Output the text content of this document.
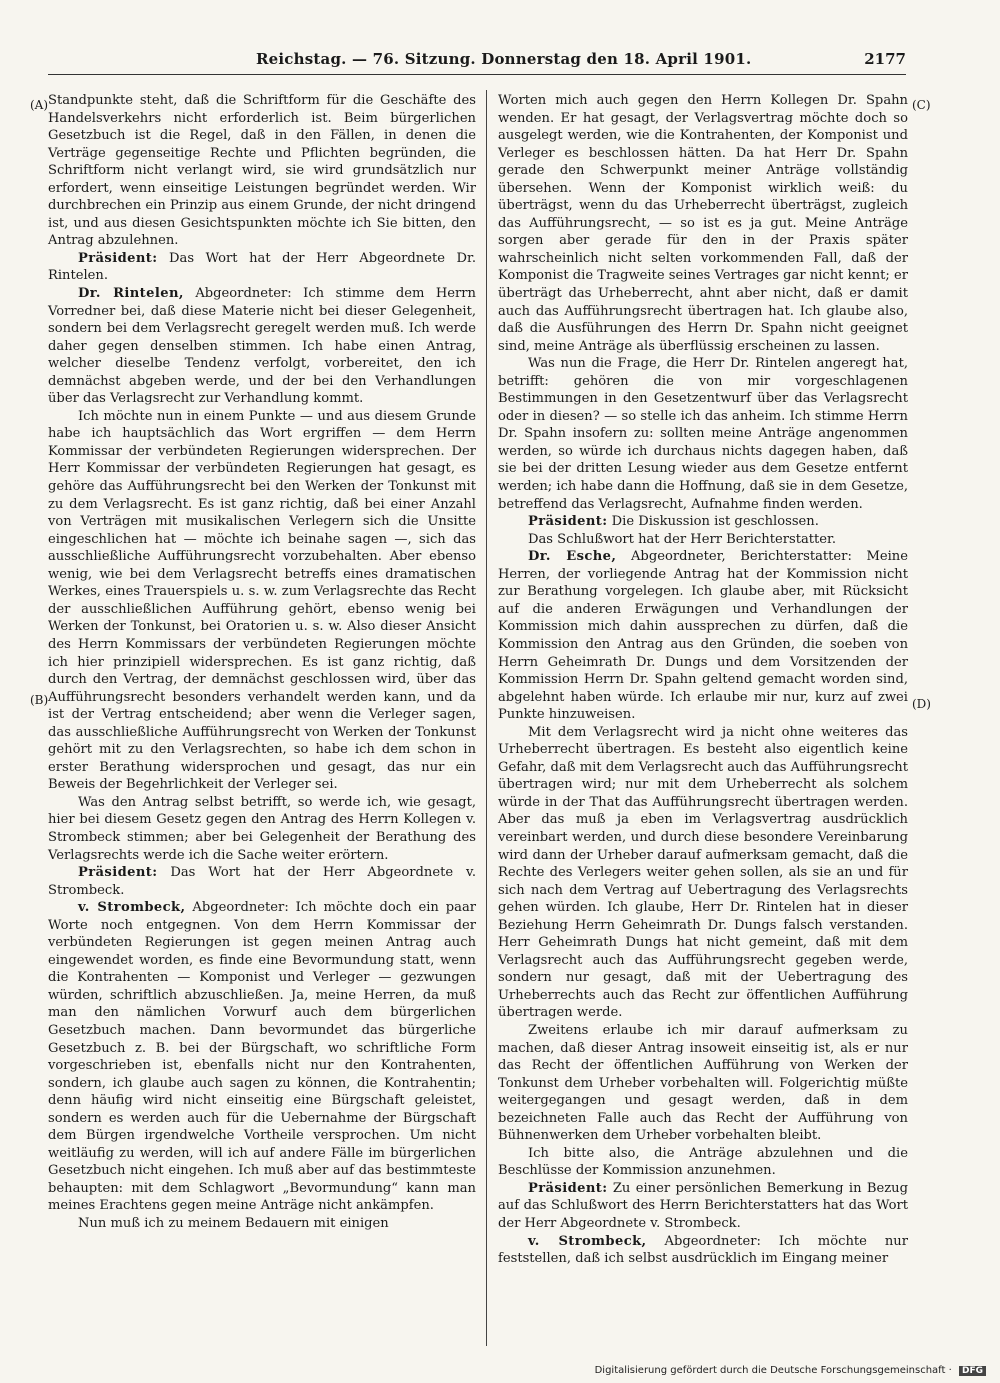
Reichstag. — 76. Sitzung. Donnerstag den 18. April 1901.	2177
(A)
(B)
(C)
(D)

Standpunkte steht, daß die Schriftform für die Geschäfte des Handelsverkehrs nicht erforderlich ist. Beim bürgerlichen Gesetzbuch ist die Regel, daß in den Fällen, in denen die Verträge gegenseitige Rechte und Pflichten begründen, die Schriftform nicht verlangt wird, sie wird grundsätzlich nur erfordert, wenn einseitige Leistungen begründet werden. Wir durchbrechen ein Prinzip aus einem Grunde, der nicht dringend ist, und aus diesen Gesichtspunkten möchte ich Sie bitten, den Antrag abzulehnen.

Präsident: Das Wort hat der Herr Abgeordnete Dr. Rintelen.

Dr. Rintelen, Abgeordneter: Ich stimme dem Herrn Vorredner bei, daß diese Materie nicht bei dieser Gelegenheit, sondern bei dem Verlagsrecht geregelt werden muß. Ich werde daher gegen denselben stimmen. Ich habe einen Antrag, welcher dieselbe Tendenz verfolgt, vorbereitet, den ich demnächst abgeben werde, und der bei den Verhandlungen über das Verlagsrecht zur Verhandlung kommt.

Ich möchte nun in einem Punkte — und aus diesem Grunde habe ich hauptsächlich das Wort ergriffen — dem Herrn Kommissar der verbündeten Regierungen widersprechen. Der Herr Kommissar der verbündeten Regierungen hat gesagt, es gehöre das Aufführungsrecht bei den Werken der Tonkunst mit zu dem Verlagsrecht. Es ist ganz richtig, daß bei einer Anzahl von Verträgen mit musikalischen Verlegern sich die Unsitte eingeschlichen hat — möchte ich beinahe sagen —, sich das ausschließliche Aufführungsrecht vorzubehalten. Aber ebenso wenig, wie bei dem Verlagsrecht betreffs eines dramatischen Werkes, eines Trauerspiels u. s. w. zum Verlagsrechte das Recht der ausschließlichen Aufführung gehört, ebenso wenig bei Werken der Tonkunst, bei Oratorien u. s. w. Also dieser Ansicht des Herrn Kommissars der verbündeten Regierungen möchte ich hier prinzipiell widersprechen. Es ist ganz richtig, daß durch den Vertrag, der demnächst geschlossen wird, über das Aufführungsrecht besonders verhandelt werden kann, und da ist der Vertrag entscheidend; aber wenn die Verleger sagen, das ausschließliche Aufführungsrecht von Werken der Tonkunst gehört mit zu den Verlagsrechten, so habe ich dem schon in erster Berathung widersprochen und gesagt, das nur ein Beweis der Begehrlichkeit der Verleger sei.

Was den Antrag selbst betrifft, so werde ich, wie gesagt, hier bei diesem Gesetz gegen den Antrag des Herrn Kollegen v. Strombeck stimmen; aber bei Gelegenheit der Berathung des Verlagsrechts werde ich die Sache weiter erörtern.

Präsident: Das Wort hat der Herr Abgeordnete v. Strombeck.

v. Strombeck, Abgeordneter: Ich möchte doch ein paar Worte noch entgegnen. Von dem Herrn Kommissar der verbündeten Regierungen ist gegen meinen Antrag auch eingewendet worden, es finde eine Bevormundung statt, wenn die Kontrahenten — Komponist und Verleger — gezwungen würden, schriftlich abzuschließen. Ja, meine Herren, da muß man den nämlichen Vorwurf auch dem bürgerlichen Gesetzbuch machen. Dann bevormundet das bürgerliche Gesetzbuch z. B. bei der Bürgschaft, wo schriftliche Form vorgeschrieben ist, ebenfalls nicht nur den Kontrahenten, sondern, ich glaube auch sagen zu können, die Kontrahentin; denn häufig wird nicht einseitig eine Bürgschaft geleistet, sondern es werden auch für die Uebernahme der Bürgschaft dem Bürgen irgendwelche Vortheile versprochen. Um nicht weitläufig zu werden, will ich auf andere Fälle im bürgerlichen Gesetzbuch nicht eingehen. Ich muß aber auf das bestimmteste behaupten: mit dem Schlagwort „Bevormundung“ kann man meines Erachtens gegen meine Anträge nicht ankämpfen.

Nun muß ich zu meinem Bedauern mit einigen

Worten mich auch gegen den Herrn Kollegen Dr. Spahn wenden. Er hat gesagt, der Verlagsvertrag möchte doch so ausgelegt werden, wie die Kontrahenten, der Komponist und Verleger es beschlossen hätten. Da hat Herr Dr. Spahn gerade den Schwerpunkt meiner Anträge vollständig übersehen. Wenn der Komponist wirklich weiß: du überträgst, wenn du das Urheberrecht überträgst, zugleich das Aufführungsrecht, — so ist es ja gut. Meine Anträge sorgen aber gerade für den in der Praxis später wahrscheinlich nicht selten vorkommenden Fall, daß der Komponist die Tragweite seines Vertrages gar nicht kennt; er überträgt das Urheberrecht, ahnt aber nicht, daß er damit auch das Aufführungsrecht übertragen hat. Ich glaube also, daß die Ausführungen des Herrn Dr. Spahn nicht geeignet sind, meine Anträge als überflüssig erscheinen zu lassen.

Was nun die Frage, die Herr Dr. Rintelen angeregt hat, betrifft: gehören die von mir vorgeschlagenen Bestimmungen in den Gesetzentwurf über das Verlagsrecht oder in diesen? — so stelle ich das anheim. Ich stimme Herrn Dr. Spahn insofern zu: sollten meine Anträge angenommen werden, so würde ich durchaus nichts dagegen haben, daß sie bei der dritten Lesung wieder aus dem Gesetze entfernt werden; ich habe dann die Hoffnung, daß sie in dem Gesetze, betreffend das Verlagsrecht, Aufnahme finden werden.

Präsident: Die Diskussion ist geschlossen.

Das Schlußwort hat der Herr Berichterstatter.

Dr. Esche, Abgeordneter, Berichterstatter: Meine Herren, der vorliegende Antrag hat der Kommission nicht zur Berathung vorgelegen. Ich glaube aber, mit Rücksicht auf die anderen Erwägungen und Verhandlungen der Kommission mich dahin aussprechen zu dürfen, daß die Kommission den Antrag aus den Gründen, die soeben von Herrn Geheimrath Dr. Dungs und dem Vorsitzenden der Kommission Herrn Dr. Spahn geltend gemacht worden sind, abgelehnt haben würde. Ich erlaube mir nur, kurz auf zwei Punkte hinzuweisen.

Mit dem Verlagsrecht wird ja nicht ohne weiteres das Urheberrecht übertragen. Es besteht also eigentlich keine Gefahr, daß mit dem Verlagsrecht auch das Aufführungsrecht übertragen wird; nur mit dem Urheberrecht als solchem würde in der That das Aufführungsrecht übertragen werden. Aber das muß ja eben im Verlagsvertrag ausdrücklich vereinbart werden, und durch diese besondere Vereinbarung wird dann der Urheber darauf aufmerksam gemacht, daß die Rechte des Verlegers weiter gehen sollen, als sie an und für sich nach dem Vertrag auf Uebertragung des Verlagsrechts gehen würden. Ich glaube, Herr Dr. Rintelen hat in dieser Beziehung Herrn Geheimrath Dr. Dungs falsch verstanden. Herr Geheimrath Dungs hat nicht gemeint, daß mit dem Verlagsrecht auch das Aufführungsrecht gegeben werde, sondern nur gesagt, daß mit der Uebertragung des Urheberrechts auch das Recht zur öffentlichen Aufführung übertragen werde.

Zweitens erlaube ich mir darauf aufmerksam zu machen, daß dieser Antrag insoweit einseitig ist, als er nur das Recht der öffentlichen Aufführung von Werken der Tonkunst dem Urheber vorbehalten will. Folgerichtig müßte weitergegangen und gesagt werden, daß in dem bezeichneten Falle auch das Recht der Aufführung von Bühnenwerken dem Urheber vorbehalten bleibt.

Ich bitte also, die Anträge abzulehnen und die Beschlüsse der Kommission anzunehmen.

Präsident: Zu einer persönlichen Bemerkung in Bezug auf das Schlußwort des Herrn Berichterstatters hat das Wort der Herr Abgeordnete v. Strombeck.

v. Strombeck, Abgeordneter: Ich möchte nur feststellen, daß ich selbst ausdrücklich im Eingang meiner

Digitalisierung gefördert durch die Deutsche Forschungsgemeinschaft · DFG
